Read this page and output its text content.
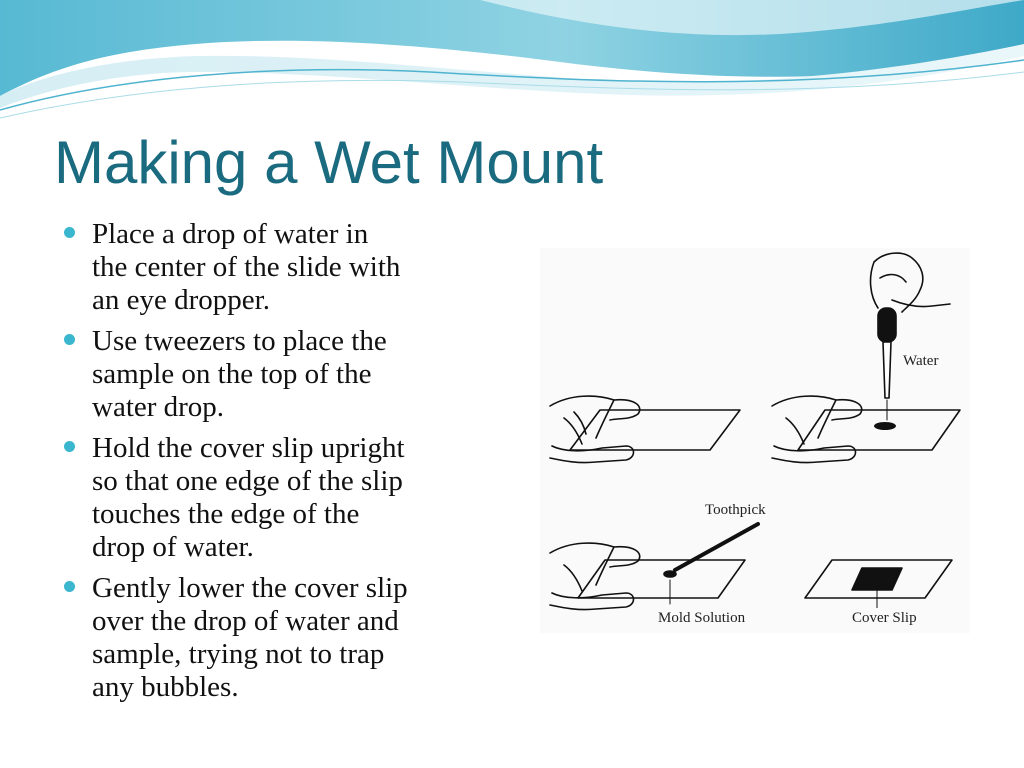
Making a Wet Mount
Place a drop of water in
the center of the slide with
an eye dropper.
Use tweezers to place the
sample on the top of the
water drop.
Hold the cover slip upright
so that one edge of the slip
touches the edge of the
drop of water.
Gently lower the cover slip
over the drop of water and
sample, trying not to trap
any bubbles.
Water
Toothpick
Mold Solution	Cover Slip
